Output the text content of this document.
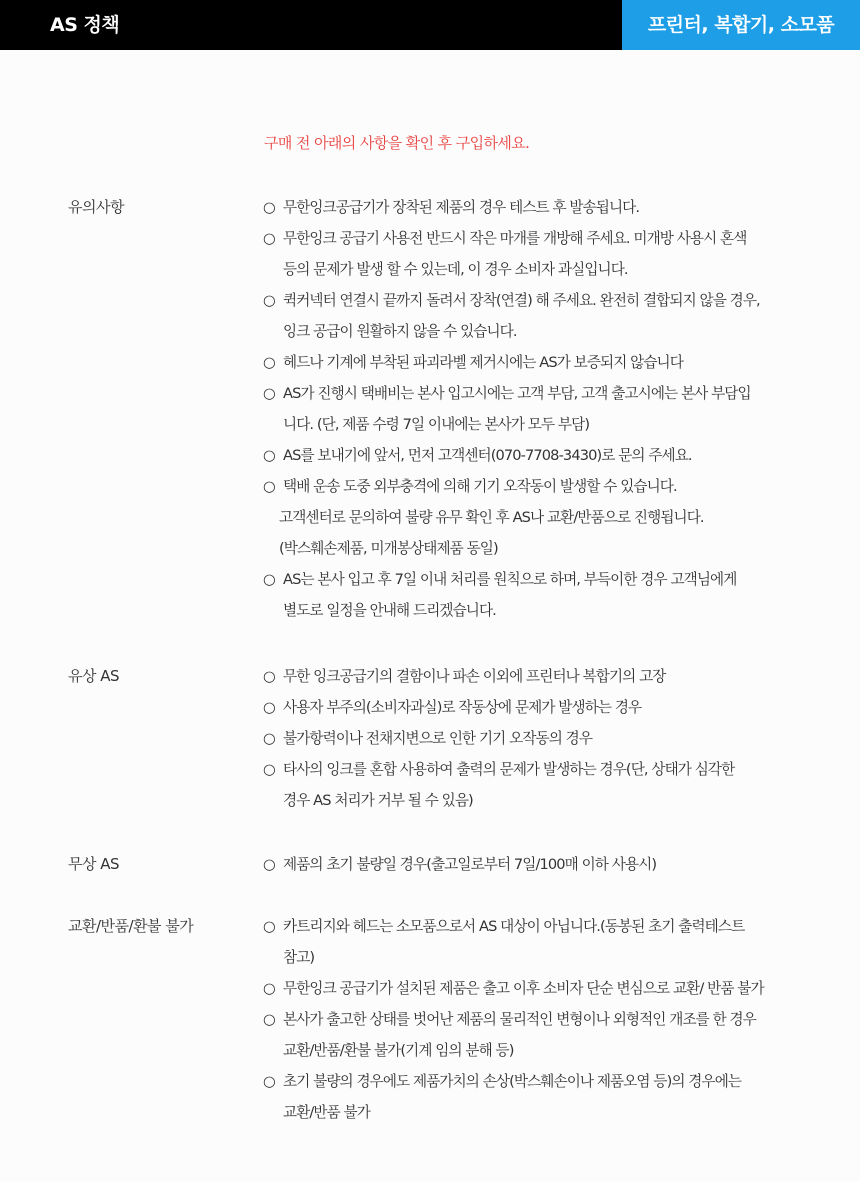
AS 정책	프린터, 복합기, 소모품
구매 전 아래의 사항을 확인 후 구입하세요.
유의사항	○ 무한잉크공급기가 장착된 제품의 경우 테스트 후 발송됩니다.
○ 무한잉크 공급기 사용전 반드시 작은 마개를 개방해 주세요. 미개방 사용시 혼색
등의 문제가 발생 할 수 있는데, 이 경우 소비자 과실입니다.
○ 퀵커넥터 연결시 끝까지 돌려서 장착(연결) 해 주세요. 완전히 결합되지 않을 경우,
잉크 공급이 원활하지 않을 수 있습니다.
○ 헤드나 기계에 부착된 파괴라벨 제거시에는 AS가 보증되지 않습니다
○ AS가 진행시 택배비는 본사 입고시에는 고객 부담, 고객 출고시에는 본사 부담입
니다. (단, 제품 수령 7일 이내에는 본사가 모두 부담)
○ AS를 보내기에 앞서, 먼저 고객센터(070-7708-3430)로 문의 주세요.
○ 택배 운송 도중 외부충격에 의해 기기 오작동이 발생할 수 있습니다.
고객센터로 문의하여 불량 유무 확인 후 AS나 교환/반품으로 진행됩니다.
(박스훼손제품, 미개봉상태제품 동일)
○ AS는 본사 입고 후 7일 이내 처리를 원칙으로 하며, 부득이한 경우 고객님에게
별도로 일정을 안내해 드리겠습니다.
유상 AS	○ 무한 잉크공급기의 결함이나 파손 이외에 프린터나 복합기의 고장
○ 사용자 부주의(소비자과실)로 작동상에 문제가 발생하는 경우
○ 불가항력이나 전채지변으로 인한 기기 오작동의 경우
○ 타사의 잉크를 혼합 사용하여 출력의 문제가 발생하는 경우(단, 상태가 심각한
경우 AS 처리가 거부 될 수 있음)
무상 AS	○ 제품의 초기 불량일 경우(출고일로부터 7일/100매 이하 사용시)
교환/반품/환불 불가	○ 카트리지와 헤드는 소모품으로서 AS 대상이 아닙니다.(동봉된 초기 출력테스트
참고)
○ 무한잉크 공급기가 설치된 제품은 출고 이후 소비자 단순 변심으로 교환/ 반품 불가
○ 본사가 출고한 상태를 벗어난 제품의 물리적인 변형이나 외형적인 개조를 한 경우
교환/반품/환불 불가(기계 임의 분해 등)
○ 초기 불량의 경우에도 제품가치의 손상(박스훼손이나 제품오염 등)의 경우에는
교환/반품 불가
